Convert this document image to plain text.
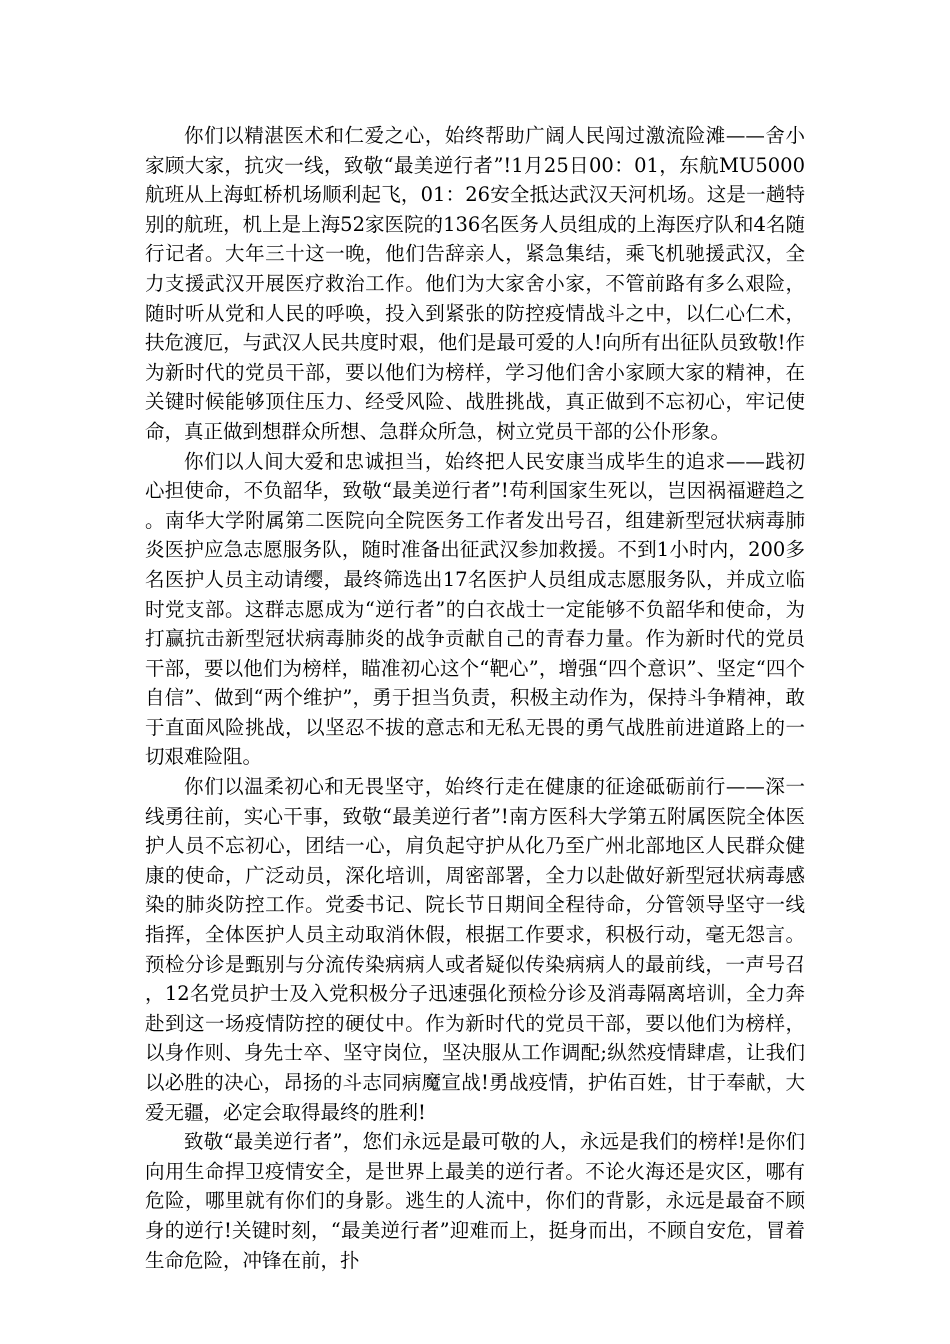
你们以精湛医术和仁爱之心，始终帮助广阔人民闯过激流险滩——舍小家顾大家，抗灾一线，致敬“最美逆行者”!1月25日00：01，东航MU5000航班从上海虹桥机场顺利起飞，01：26安全抵达武汉天河机场。这是一趟特别的航班，机上是上海52家医院的136名医务人员组成的上海医疗队和4名随行记者。大年三十这一晚，他们告辞亲人，紧急集结，乘飞机驰援武汉，全力支援武汉开展医疗救治工作。他们为大家舍小家，不管前路有多么艰险，随时听从党和人民的呼唤，投入到紧张的防控疫情战斗之中，以仁心仁术，扶危渡厄，与武汉人民共度时艰，他们是最可爱的人!向所有出征队员致敬!作为新时代的党员干部，要以他们为榜样，学习他们舍小家顾大家的精神，在关键时候能够顶住压力、经受风险、战胜挑战，真正做到不忘初心，牢记使命，真正做到想群众所想、急群众所急，树立党员干部的公仆形象。

你们以人间大爱和忠诚担当，始终把人民安康当成毕生的追求——践初心担使命，不负韶华，致敬“最美逆行者”!苟利国家生死以，岂因祸福避趋之。南华大学附属第二医院向全院医务工作者发出号召，组建新型冠状病毒肺炎医护应急志愿服务队，随时准备出征武汉参加救援。不到1小时内，200多名医护人员主动请缨，最终筛选出17名医护人员组成志愿服务队，并成立临时党支部。这群志愿成为“逆行者”的白衣战士一定能够不负韶华和使命，为打赢抗击新型冠状病毒肺炎的战争贡献自己的青春力量。作为新时代的党员干部，要以他们为榜样，瞄准初心这个“靶心”，增强“四个意识”、坚定“四个自信”、做到“两个维护”，勇于担当负责，积极主动作为，保持斗争精神，敢于直面风险挑战，以坚忍不拔的意志和无私无畏的勇气战胜前进道路上的一切艰难险阻。

你们以温柔初心和无畏坚守，始终行走在健康的征途砥砺前行——深一线勇往前，实心干事，致敬“最美逆行者”!南方医科大学第五附属医院全体医护人员不忘初心，团结一心，肩负起守护从化乃至广州北部地区人民群众健康的使命，广泛动员，深化培训，周密部署，全力以赴做好新型冠状病毒感染的肺炎防控工作。党委书记、院长节日期间全程待命，分管领导坚守一线指挥，全体医护人员主动取消休假，根据工作要求，积极行动，毫无怨言。预检分诊是甄别与分流传染病病人或者疑似传染病病人的最前线，一声号召，12名党员护士及入党积极分子迅速强化预检分诊及消毒隔离培训，全力奔赴到这一场疫情防控的硬仗中。作为新时代的党员干部，要以他们为榜样，以身作则、身先士卒、坚守岗位，坚决服从工作调配;纵然疫情肆虐，让我们以必胜的决心，昂扬的斗志同病魔宣战!勇战疫情，护佑百姓，甘于奉献，大爱无疆，必定会取得最终的胜利!

致敬“最美逆行者”，您们永远是最可敬的人，永远是我们的榜样!是你们向用生命捍卫疫情安全，是世界上最美的逆行者。不论火海还是灾区，哪有危险，哪里就有你们的身影。逃生的人流中，你们的背影，永远是最奋不顾身的逆行!关键时刻，“最美逆行者”迎难而上，挺身而出，不顾自安危，冒着生命危险，冲锋在前，扑
